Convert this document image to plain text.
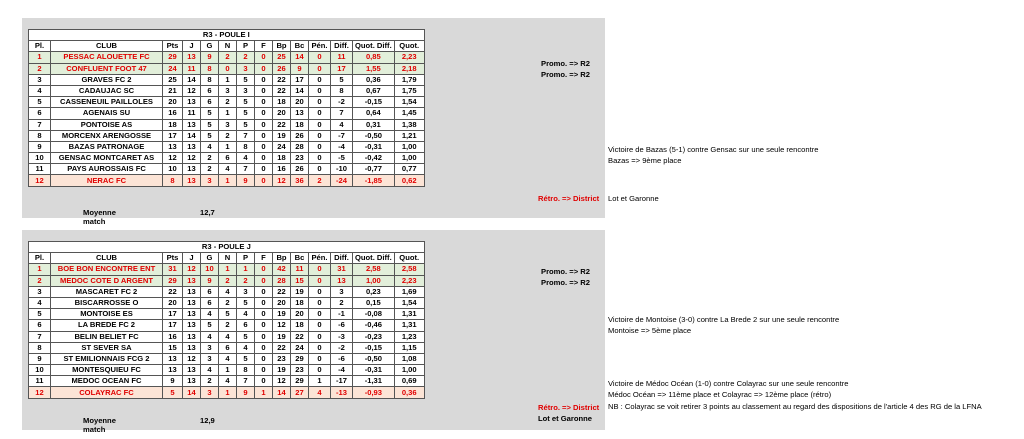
R3 - POULE I													
Pl.	CLUB	Pts	J	G	N	P	F	Bp	Bc	Pén.	Diff.	Quot. Diff.	Quot.
1	PESSAC ALOUETTE FC	29	13	9	2	2	0	25	14	0	11	0,85	2,23
2	CONFLUENT FOOT 47	24	11	8	0	3	0	26	9	0	17	1,55	2,18
3	GRAVES FC 2	25	14	8	1	5	0	22	17	0	5	0,36	1,79
4	CADAUJAC SC	21	12	6	3	3	0	22	14	0	8	0,67	1,75
5	CASSENEUIL PAILLOLES	20	13	6	2	5	0	18	20	0	-2	-0,15	1,54
6	AGENAIS SU	16	11	5	1	5	0	20	13	0	7	0,64	1,45
7	PONTOISE AS	18	13	5	3	5	0	22	18	0	4	0,31	1,38
8	MORCENX ARENGOSSE	17	14	5	2	7	0	19	26	0	-7	-0,50	1,21
9	BAZAS PATRONAGE	13	13	4	1	8	0	24	28	0	-4	-0,31	1,00
10	GENSAC MONTCARET AS	12	12	2	6	4	0	18	23	0	-5	-0,42	1,00
11	PAYS AUROSSAIS FC	10	13	2	4	7	0	16	26	0	-10	-0,77	0,77
12	NERAC FC	8	13	3	1	9	0	12	36	2	-24	-1,85	0,62
Moyenne match
12,7
Promo. => R2
Promo. => R2
Rétro. => District Lot et Garonne
Victoire de Bazas (5-1) contre Gensac sur une seule rencontre
Bazas => 9ème place
R3 - POULE J													
Pl.	CLUB	Pts	J	G	N	P	F	Bp	Bc	Pén.	Diff.	Quot. Diff.	Quot.
1	BOE BON ENCONTRE ENT	31	12	10	1	1	0	42	11	0	31	2,58	2,58
2	MEDOC COTE D ARGENT	29	13	9	2	2	0	28	15	0	13	1,00	2,23
3	MASCARET FC 2	22	13	6	4	3	0	22	19	0	3	0,23	1,69
4	BISCARROSSE O	20	13	6	2	5	0	20	18	0	2	0,15	1,54
5	MONTOISE ES	17	13	4	5	4	0	19	20	0	-1	-0,08	1,31
6	LA BREDE FC 2	17	13	5	2	6	0	12	18	0	-6	-0,46	1,31
7	BELIN BELIET FC	16	13	4	4	5	0	19	22	0	-3	-0,23	1,23
8	ST SEVER SA	15	13	3	6	4	0	22	24	0	-2	-0,15	1,15
9	ST EMILIONNAIS FCG 2	13	12	3	4	5	0	23	29	0	-6	-0,50	1,08
10	MONTESQUIEU FC	13	13	4	1	8	0	19	23	0	-4	-0,31	1,00
11	MEDOC OCEAN FC	9	13	2	4	7	0	12	29	1	-17	-1,31	0,69
12	COLAYRAC FC	5	14	3	1	9	1	14	27	4	-13	-0,93	0,36
Moyenne match
12,9
Promo. => R2
Promo. => R2
Rétro. => District
Lot et Garonne
Victoire de Montoise (3-0) contre La Brede 2 sur une seule rencontre
Montoise => 5ème place
Victoire de Médoc Océan (1-0) contre Colayrac sur une seule rencontre
Médoc Océan => 11ème place et Colayrac => 12ème place (rétro)
NB : Colayrac se voit retirer 3 points au classement au regard des dispositions de l'article 4 des RG de la LFNA
